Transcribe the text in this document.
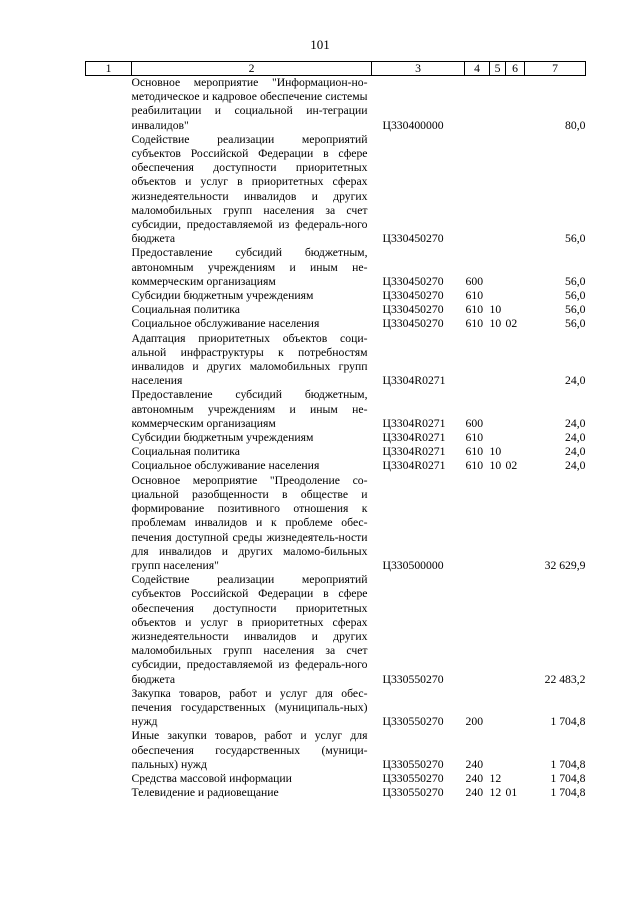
101
1	2	3	4	5	6	7
	Основное мероприятие "Информацион-но-методическое и кадровое обеспечение системы реабилитации и социальной ин-теграции инвалидов"	Ц330400000				80,0
	Содействие реализации мероприятий субъектов Российской Федерации в сфере обеспечения доступности приоритетных объектов и услуг в приоритетных сферах жизнедеятельности инвалидов и других маломобильных групп населения за счет субсидии, предоставляемой из федераль-ного бюджета	Ц330450270				56,0
	Предоставление субсидий бюджетным, автономным учреждениям и иным не-коммерческим организациям	Ц330450270	600			56,0
	Субсидии бюджетным учреждениям	Ц330450270	610			56,0
	Социальная политика	Ц330450270	610	10		56,0
	Социальное обслуживание населения	Ц330450270	610	10	02	56,0
	Адаптация приоритетных объектов соци-альной инфраструктуры к потребностям инвалидов и других маломобильных групп населения	Ц3304R0271				24,0
	Предоставление субсидий бюджетным, автономным учреждениям и иным не-коммерческим организациям	Ц3304R0271	600			24,0
	Субсидии бюджетным учреждениям	Ц3304R0271	610			24,0
	Социальная политика	Ц3304R0271	610	10		24,0
	Социальное обслуживание населения	Ц3304R0271	610	10	02	24,0
	Основное мероприятие "Преодоление со-циальной разобщенности в обществе и формирование позитивного отношения к проблемам инвалидов и к проблеме обес-печения доступной среды жизнедеятель-ности для инвалидов и других маломо-бильных групп населения"	Ц330500000				32 629,9
	Содействие реализации мероприятий субъектов Российской Федерации в сфере обеспечения доступности приоритетных объектов и услуг в приоритетных сферах жизнедеятельности инвалидов и других маломобильных групп населения за счет субсидии, предоставляемой из федераль-ного бюджета	Ц330550270				22 483,2
	Закупка товаров, работ и услуг для обес-печения государственных (муниципаль-ных) нужд	Ц330550270	200			1 704,8
	Иные закупки товаров, работ и услуг для обеспечения государственных (муници-пальных) нужд	Ц330550270	240			1 704,8
	Средства массовой информации	Ц330550270	240	12		1 704,8
	Телевидение и радиовещание	Ц330550270	240	12	01	1 704,8
